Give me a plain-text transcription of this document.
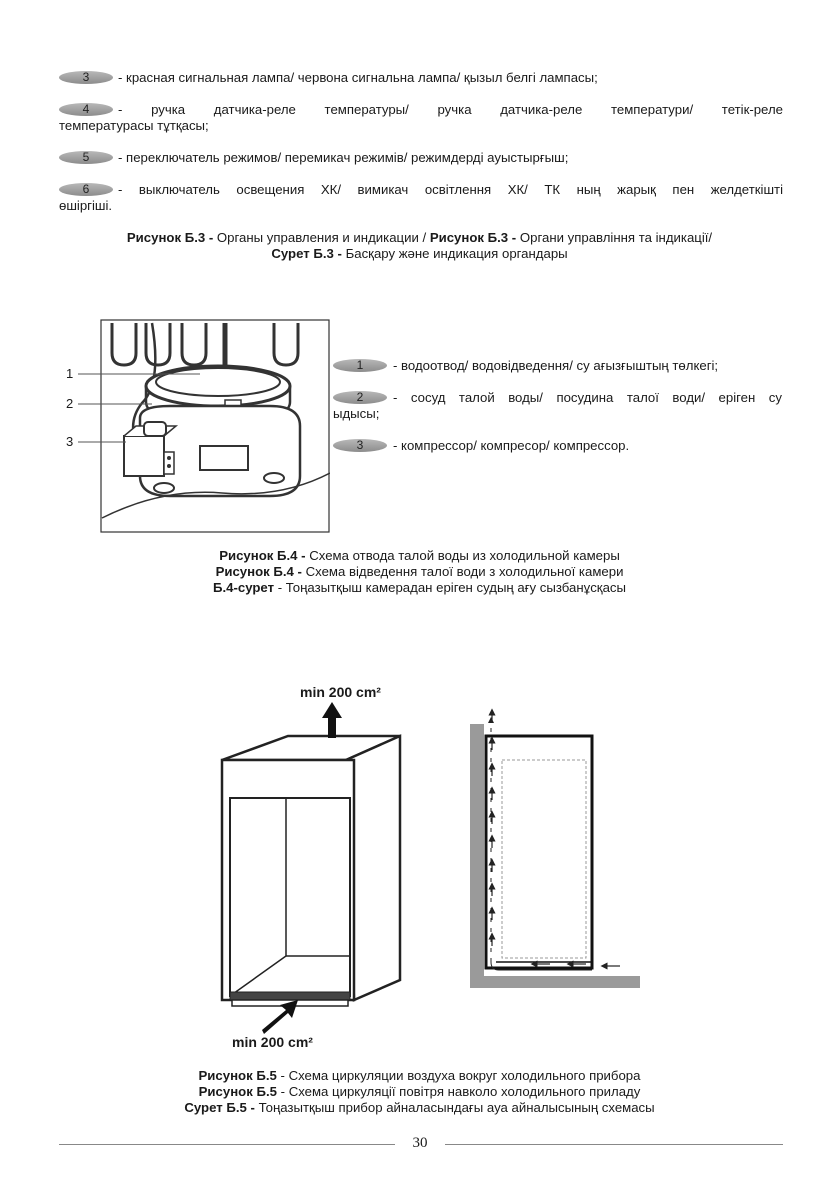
3	- красная сигнальная лампа/ червона сигнальна лампа/ қызыл белгі лампасы;
4	- ручка датчика-реле температуры/ ручка датчика-реле температури/ тетік-реле
температурасы тұтқасы;
5	- переключатель режимов/ перемикач режимів/ режимдерді ауыстырғыш;
6	- выключатель освещения ХК/ вимикач освітлення ХК/ ТК ның жарық пен желдеткішті
өшіргіші.
Рисунок Б.3 - Органы управления и индикации / Рисунок Б.3 - Органи управління та індикації/
Сурет Б.3 - Басқару және индикация органдары
1
2
3
1	- водоотвод/ водовідведення/ су ағызғыштың төлкегі;
2	- сосуд талой воды/ посудина талої води/ еріген су
ыдысы;
3	- компрессор/ компресор/ компрессор.
Рисунок Б.4 - Схема отвода талой воды из холодильной камеры
Рисунок Б.4 - Схема відведення талої води з холодильної камери
Б.4-сурет - Тоңазытқыш камерадан еріген судың ағу сызбанұсқасы
min 200 cm²
min 200 cm²
Рисунок Б.5 - Схема циркуляции воздуха вокруг холодильного прибора
Рисунок Б.5 - Схема циркуляції повітря навколо холодильного приладу
Сурет Б.5 - Тоңазытқыш прибор айналасындағы ауа айналысының схемасы
30
